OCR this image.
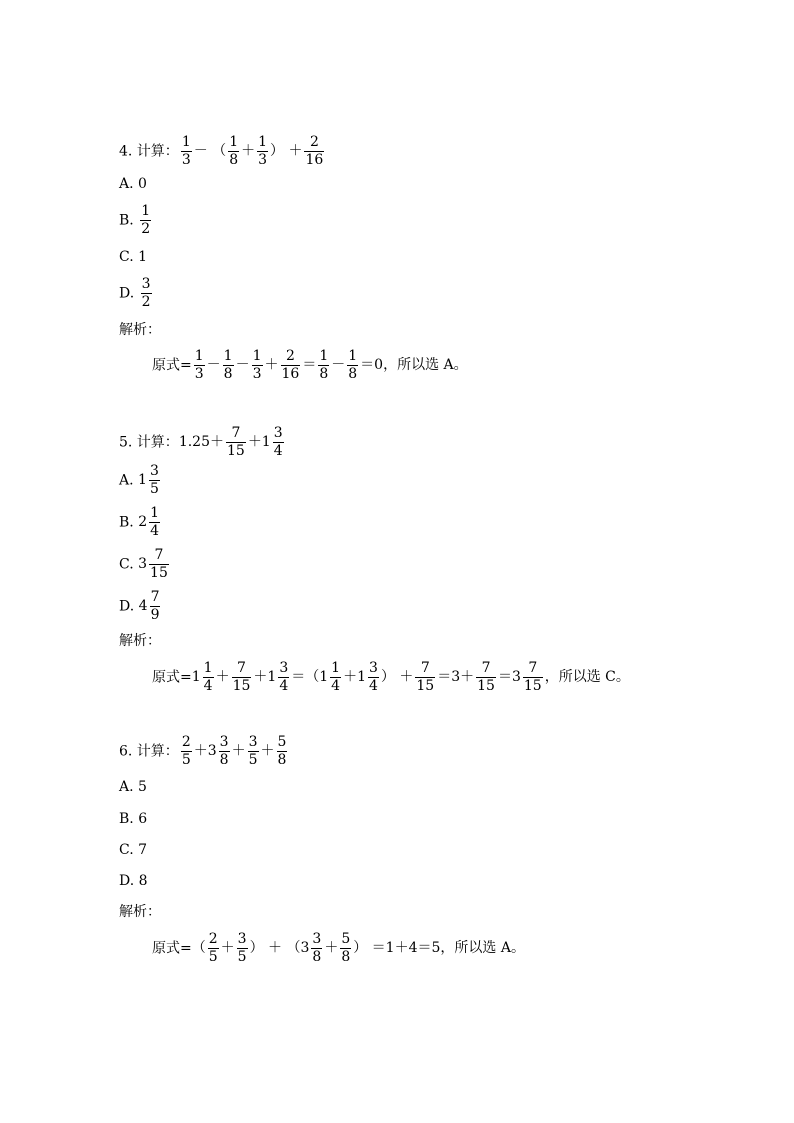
4. 计算： $\frac{1}{3}$ － （ $\frac{1}{8} + \frac{1}{3}$ ） ＋ $\frac{2}{16}$
A. 0
B. $\frac{1}{2}$
C. 1
D. $\frac{3}{2}$
解析：
原式= $\frac{1}{3} - \frac{1}{8} - \frac{1}{3} + \frac{2}{16} = \frac{1}{8} - \frac{1}{8} =0$，所以选 A。
5. 计算：$1.25+ \frac{7}{15} +1 \frac{3}{4}$
A. $1 \frac{3}{5}$
B. $2 \frac{1}{4}$
C. $3 \frac{7}{15}$
D. $4 \frac{7}{9}$
解析：
原式$=1 \frac{1}{4} + \frac{7}{15} +1 \frac{3}{4} =(1 \frac{1}{4} +1 \frac{3}{4}$ ） ＋ $\frac{7}{15} =3+ \frac{7}{15} =3 \frac{7}{15}$ ，所以选 C。
6. 计算： $\frac{2}{5} +3 \frac{3}{8} + \frac{3}{5} + \frac{5}{8}$
A. 5
B. 6
C. 7
D. 8
解析：
原式=（ $\frac{2}{5} + \frac{3}{5}$ ） ＋ （$3 \frac{3}{8} + \frac{5}{8}$ ） ＝1＋4＝5，所以选 A。
